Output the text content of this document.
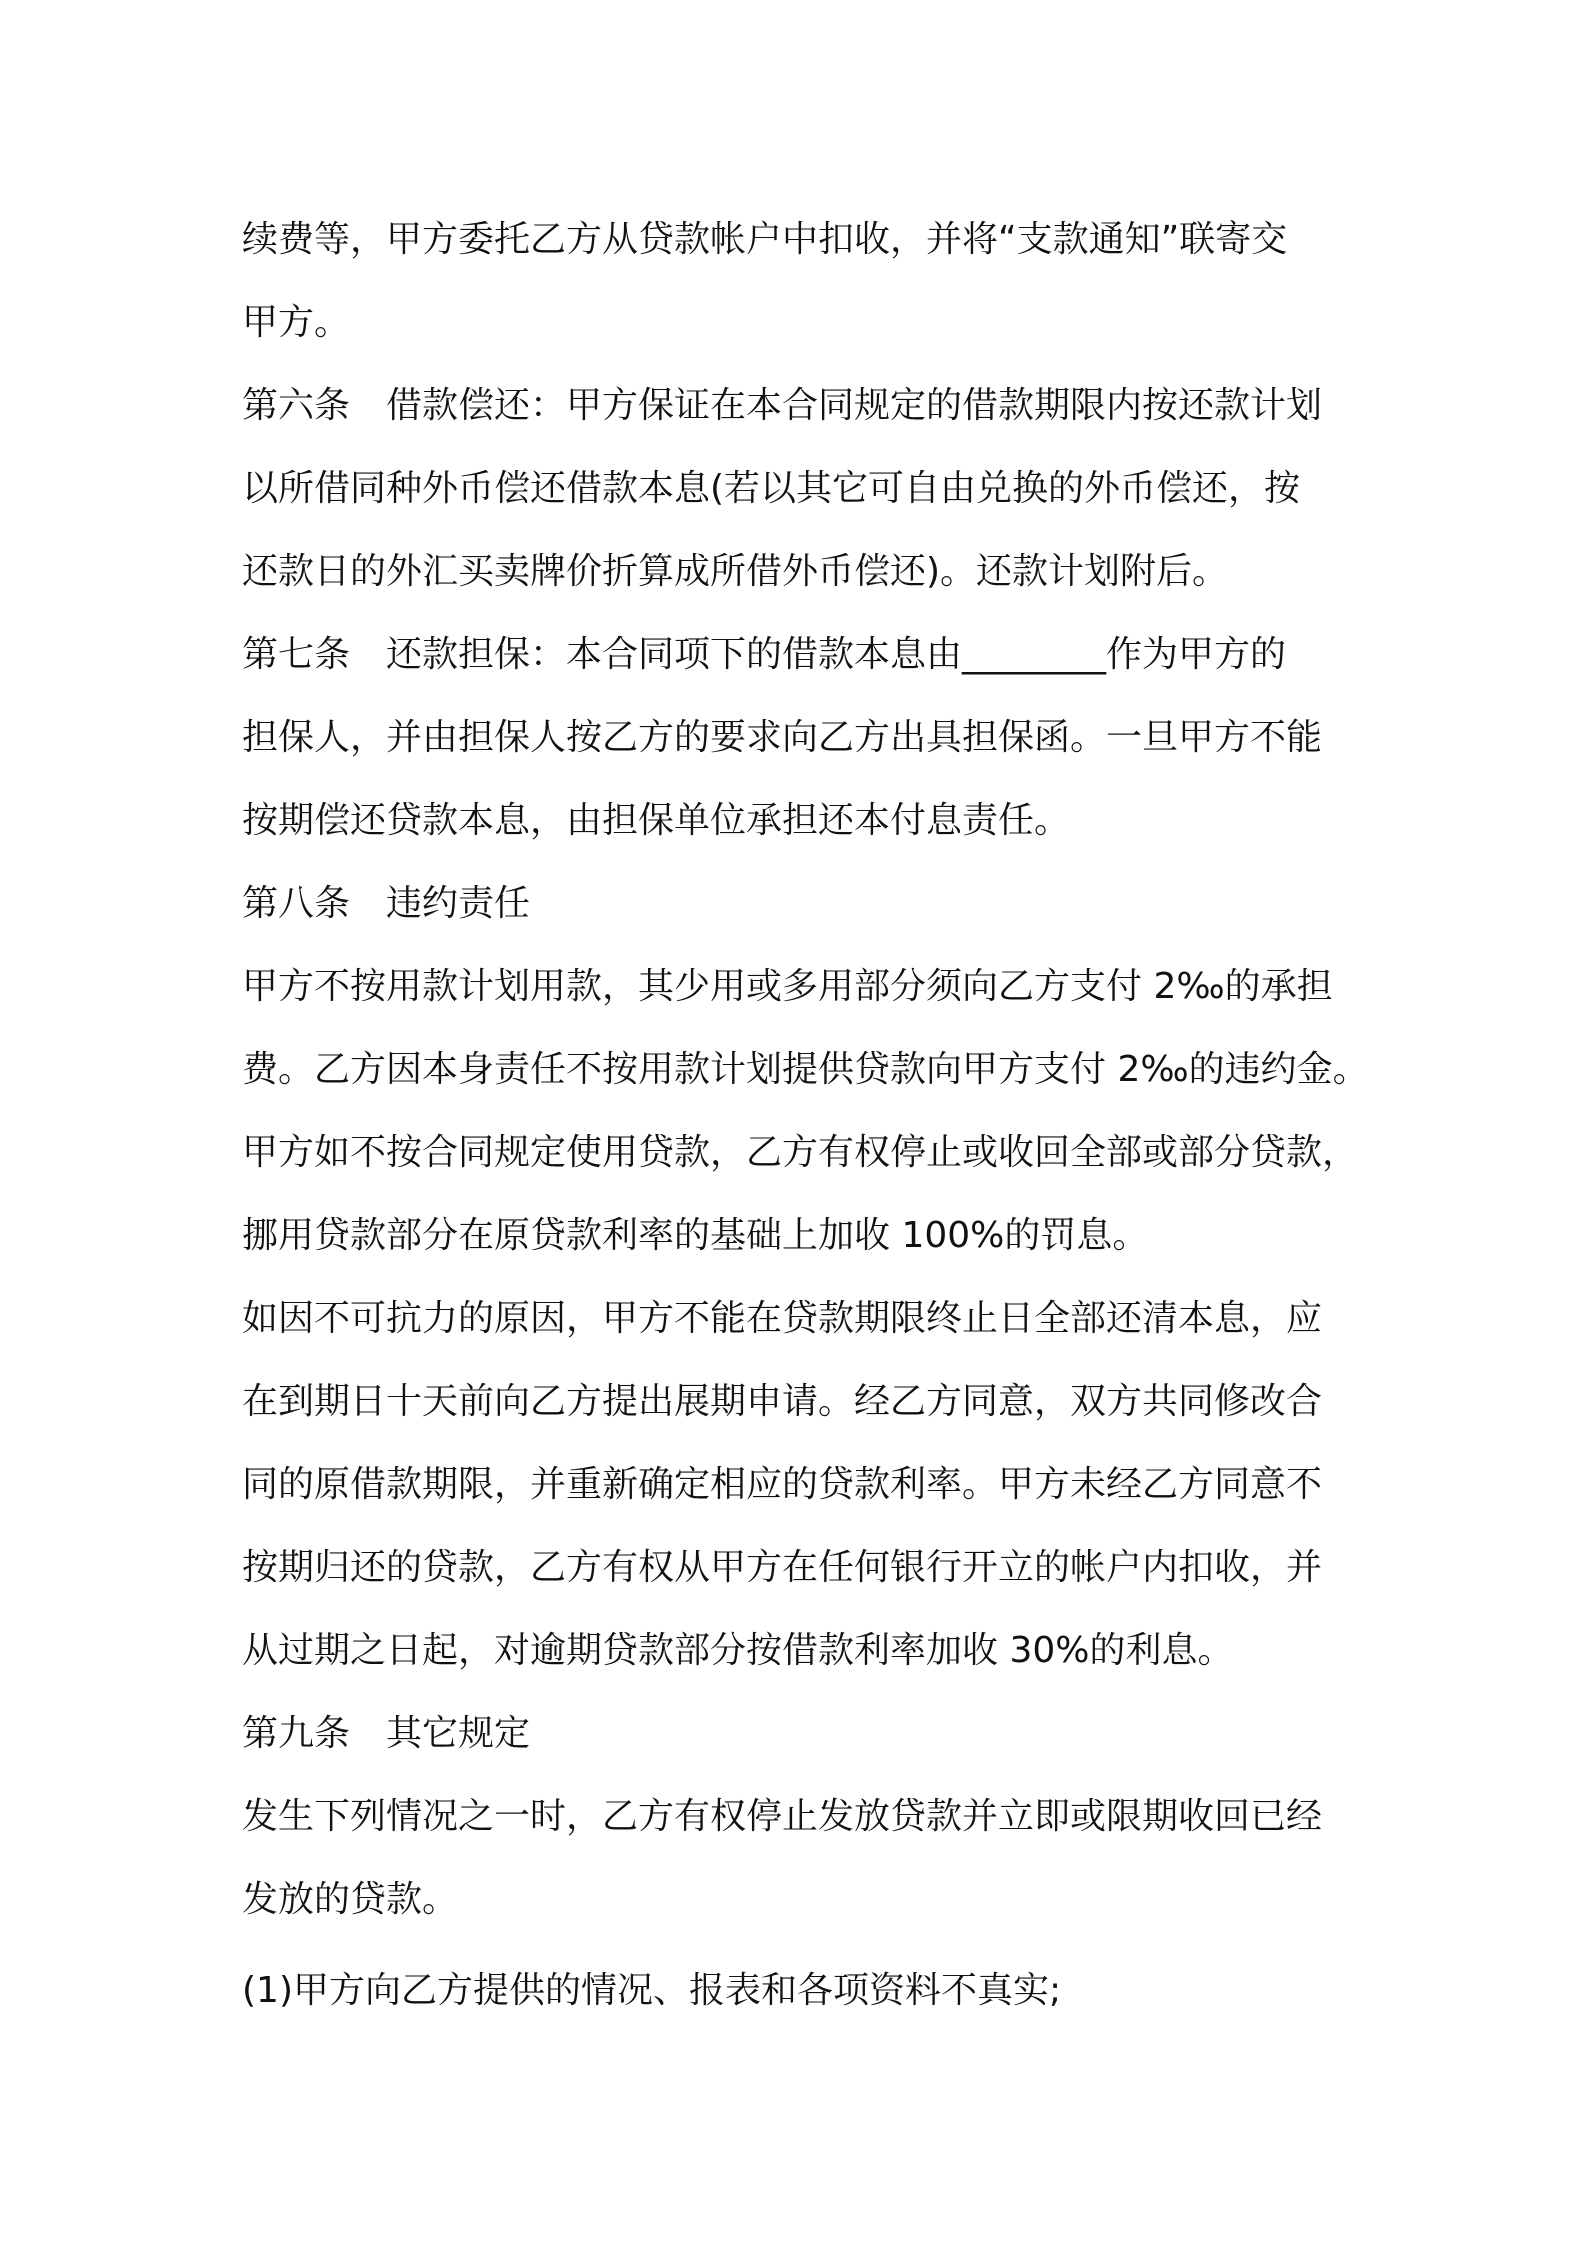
续费等，甲方委托乙方从贷款帐户中扣收，并将“支款通知”联寄交
甲方。
第六条　借款偿还：甲方保证在本合同规定的借款期限内按还款计划
以所借同种外币偿还借款本息(若以其它可自由兑换的外币偿还，按
还款日的外汇买卖牌价折算成所借外币偿还)。还款计划附后。
第七条　还款担保：本合同项下的借款本息由________作为甲方的
担保人，并由担保人按乙方的要求向乙方出具担保函。一旦甲方不能
按期偿还贷款本息，由担保单位承担还本付息责任。
第八条　违约责任
甲方不按用款计划用款，其少用或多用部分须向乙方支付 2‰的承担
费。乙方因本身责任不按用款计划提供贷款向甲方支付 2‰的违约金。
甲方如不按合同规定使用贷款，乙方有权停止或收回全部或部分贷款，
挪用贷款部分在原贷款利率的基础上加收 100%的罚息。
如因不可抗力的原因，甲方不能在贷款期限终止日全部还清本息，应
在到期日十天前向乙方提出展期申请。经乙方同意，双方共同修改合
同的原借款期限，并重新确定相应的贷款利率。甲方未经乙方同意不
按期归还的贷款，乙方有权从甲方在任何银行开立的帐户内扣收，并
从过期之日起，对逾期贷款部分按借款利率加收 30%的利息。
第九条　其它规定
发生下列情况之一时，乙方有权停止发放贷款并立即或限期收回已经
发放的贷款。
(1)甲方向乙方提供的情况、报表和各项资料不真实;
